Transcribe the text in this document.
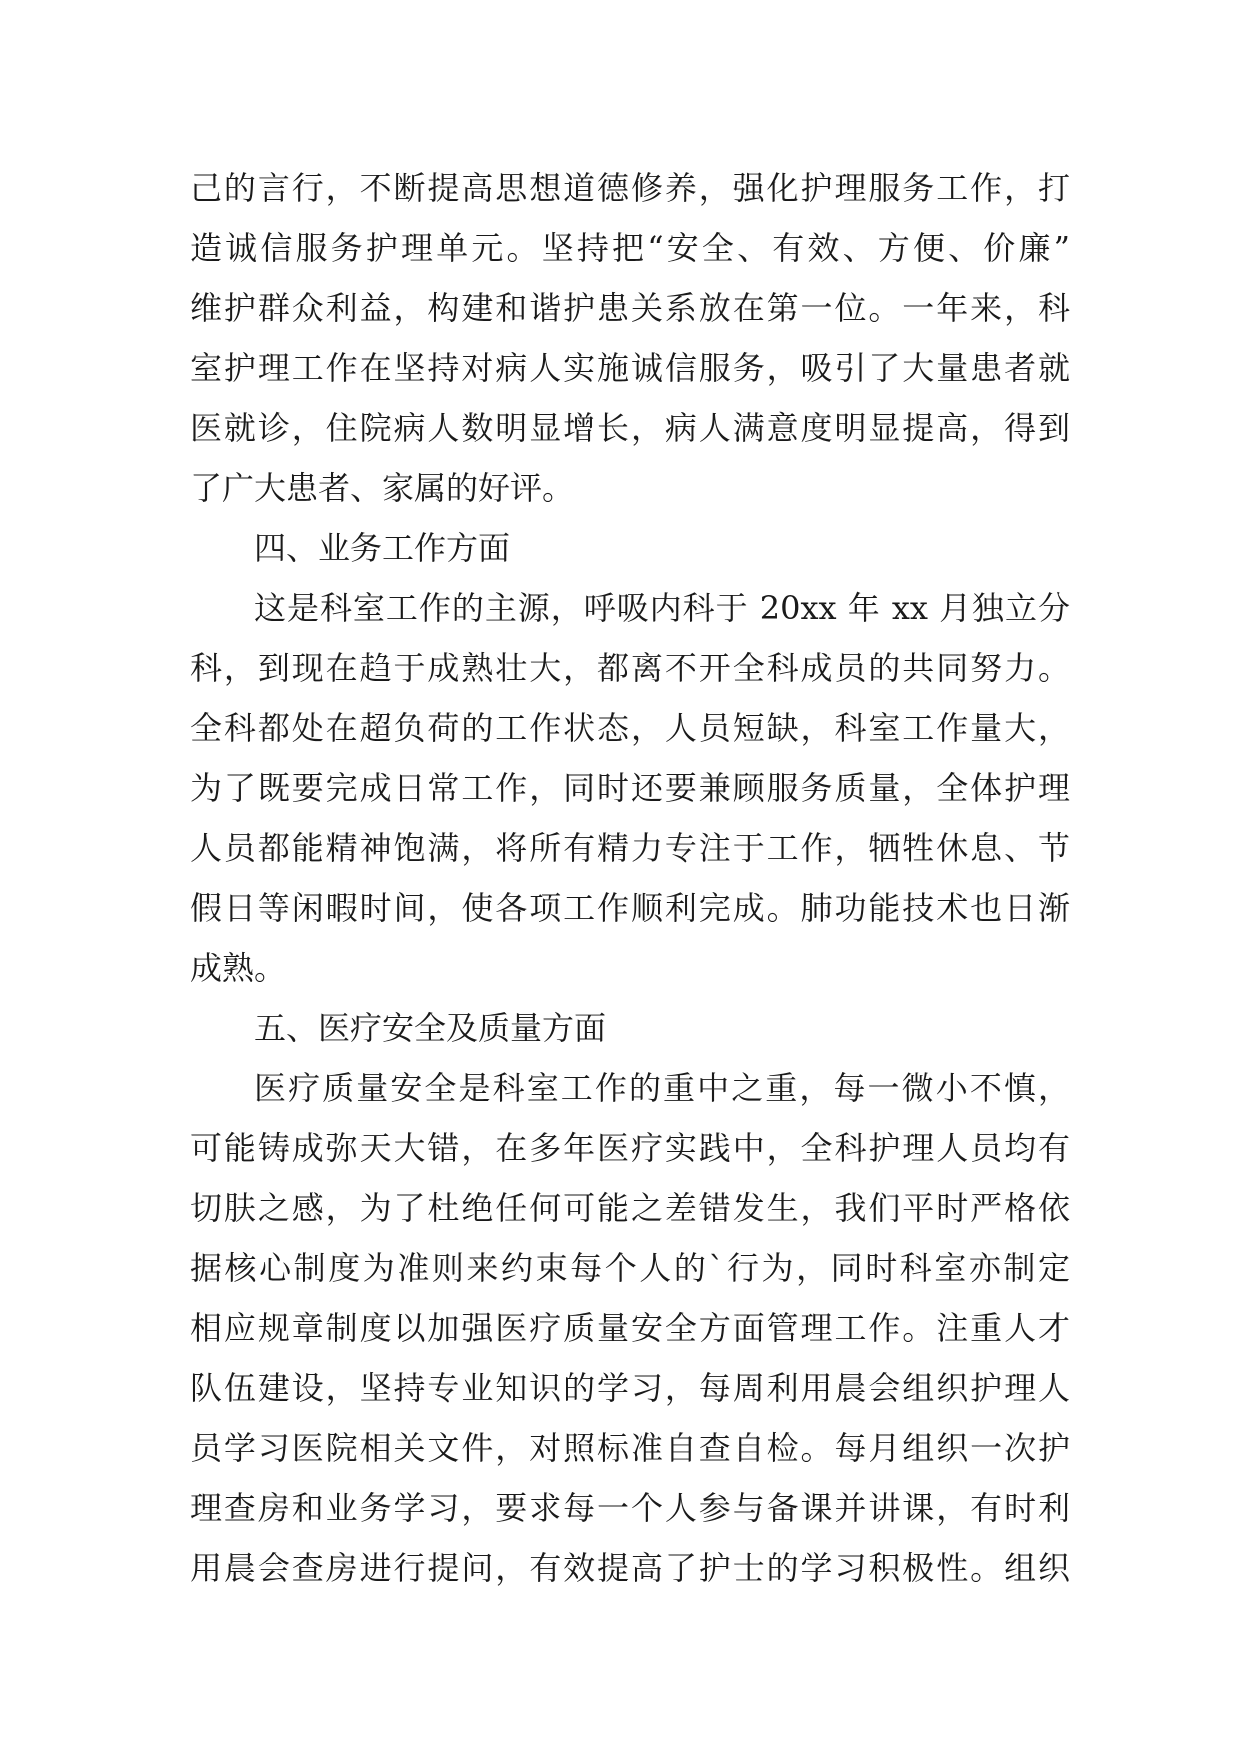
己的言行，不断提高思想道德修养，强化护理服务工作，打
造诚信服务护理单元。坚持把“安全、有效、方便、价廉”
维护群众利益，构建和谐护患关系放在第一位。一年来，科
室护理工作在坚持对病人实施诚信服务，吸引了大量患者就
医就诊，住院病人数明显增长，病人满意度明显提高，得到
了广大患者、家属的好评。
四、业务工作方面
这是科室工作的主源，呼吸内科于 20xx 年 xx 月独立分
科，到现在趋于成熟壮大，都离不开全科成员的共同努力。
全科都处在超负荷的工作状态，人员短缺，科室工作量大，
为了既要完成日常工作，同时还要兼顾服务质量，全体护理
人员都能精神饱满，将所有精力专注于工作，牺牲休息、节
假日等闲暇时间，使各项工作顺利完成。肺功能技术也日渐
成熟。
五、医疗安全及质量方面
医疗质量安全是科室工作的重中之重，每一微小不慎，
可能铸成弥天大错，在多年医疗实践中，全科护理人员均有
切肤之感，为了杜绝任何可能之差错发生，我们平时严格依
据核心制度为准则来约束每个人的`行为，同时科室亦制定
相应规章制度以加强医疗质量安全方面管理工作。注重人才
队伍建设，坚持专业知识的学习，每周利用晨会组织护理人
员学习医院相关文件，对照标准自查自检。每月组织一次护
理查房和业务学习，要求每一个人参与备课并讲课，有时利
用晨会查房进行提问，有效提高了护士的学习积极性。组织
